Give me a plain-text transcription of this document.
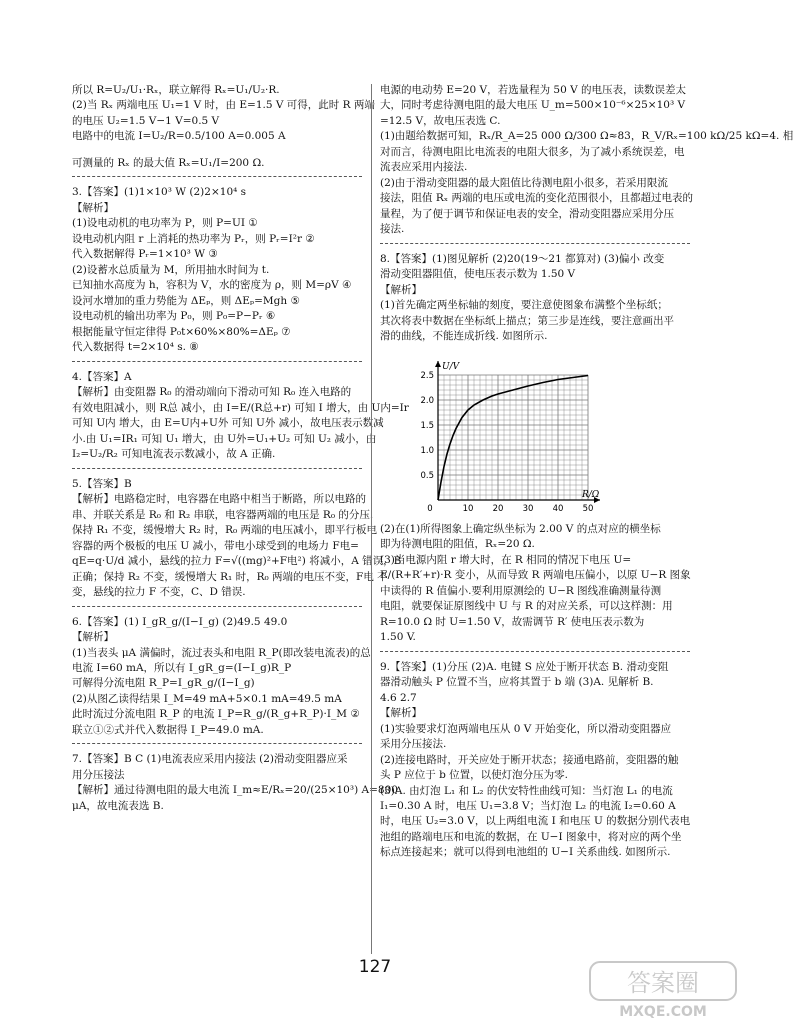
所以 R=U₂/U₁·Rₓ，联立解得 Rₓ=U₁/U₂·R.
(2)当 Rₓ 两端电压 U₁=1 V 时，由 E=1.5 V 可得，此时 R 两端
的电压 U₂=1.5 V−1 V=0.5 V
电路中的电流 I=U₂/R=0.5/100 A=0.005 A
可测量的 Rₓ 的最大值 Rₓ=U₁/I=200 Ω.
3.【答案】(1)1×10³ W (2)2×10⁴ s
【解析】
(1)设电动机的电功率为 P，则 P=UI ①
设电动机内阻 r 上消耗的热功率为 Pᵣ，则 Pᵣ=I²r ②
代入数据解得 Pᵣ=1×10³ W ③
(2)设蓄水总质量为 M，所用抽水时间为 t.
已知抽水高度为 h，容积为 V，水的密度为 ρ，则 M=ρV ④
设河水增加的重力势能为 ΔEₚ，则 ΔEₚ=Mgh ⑤
设电动机的输出功率为 P₀，则 P₀=P−Pᵣ ⑥
根据能量守恒定律得 P₀t×60%×80%=ΔEₚ ⑦
代入数据得 t=2×10⁴ s. ⑧
4.【答案】A
【解析】由变阻器 R₀ 的滑动端向下滑动可知 R₀ 连入电路的
有效电阻减小，则 R总 减小，由 I=E/(R总+r) 可知 I 增大，由 U内=Ir
可知 U内 增大，由 E=U内+U外 可知 U外 减小，故电压表示数减
小.由 U₁=IR₁ 可知 U₁ 增大，由 U外=U₁+U₂ 可知 U₂ 减小，由
I₂=U₂/R₂ 可知电流表示数减小，故 A 正确.
5.【答案】B
【解析】电路稳定时，电容器在电路中相当于断路，所以电路的
串、并联关系是 R₀ 和 R₂ 串联，电容器两端的电压是 R₀ 的分压.
保持 R₁ 不变，缓慢增大 R₂ 时，R₀ 两端的电压减小，即平行板电
容器的两个极板的电压 U 减小，带电小球受到的电场力 F电=
qE=q·U/d 减小，悬线的拉力 F=√((mg)²+F电²) 将减小，A 错误，B
正确；保持 R₂ 不变，缓慢增大 R₁ 时，R₀ 两端的电压不变，F电 不
变，悬线的拉力 F 不变，C、D 错误.
6.【答案】(1) I_gR_g/(I−I_g) (2)49.5 49.0
【解析】
(1)当表头 μA 满偏时，流过表头和电阻 R_P(即改装电流表)的总
电流 I=60 mA，所以有 I_gR_g=(I−I_g)R_P
可解得分流电阻 R_P=I_gR_g/(I−I_g)
(2)从图乙读得结果 I_M=49 mA+5×0.1 mA=49.5 mA
此时流过分流电阻 R_P 的电流 I_P=R_g/(R_g+R_P)·I_M ②
联立①②式并代入数据得 I_P=49.0 mA.
7.【答案】B C (1)电流表应采用内接法 (2)滑动变阻器应采
用分压接法
【解析】通过待测电阻的最大电流 I_m≈E/Rₓ=20/(25×10³) A=800
μA，故电流表选 B.
电源的电动势 E=20 V，若选量程为 50 V 的电压表，读数误差太
大，同时考虑待测电阻的最大电压 U_m=500×10⁻⁶×25×10³ V
=12.5 V，故电压表选 C.
(1)由题给数据可知，Rₓ/R_A=25 000 Ω/300 Ω≈83，R_V/Rₓ=100 kΩ/25 kΩ=4. 相
对而言，待测电阻比电流表的电阻大很多，为了减小系统误差，电
流表应采用内接法.
(2)由于滑动变阻器的最大阻值比待测电阻小很多，若采用限流
接法，阻值 Rₓ 两端的电压或电流的变化范围很小，且都超过电表的
量程，为了便于调节和保证电表的安全，滑动变阻器应采用分压
接法.
8.【答案】(1)图见解析 (2)20(19～21 都算对) (3)偏小 改变
滑动变阻器阻值，使电压表示数为 1.50 V
【解析】
(1)首先确定两坐标轴的刻度，要注意使图象布满整个坐标纸；
其次将表中数据在坐标纸上描点；第三步是连线，要注意画出平
滑的曲线，不能连成折线. 如图所示.
U/V
R/Ω
0	10 20 30 40 50
0.5
1.0
1.5
2.0
2.5
(2)在(1)所得图象上确定纵坐标为 2.00 V 的点对应的横坐标
即为待测电阻的阻值，Rₓ=20 Ω.
(3)当电源内阻 r 增大时，在 R 相同的情况下电压 U=
E/(R+R′+r)·R 变小，从而导致 R 两端电压偏小，以原 U−R 图象
中读得的 R 值偏小.要利用原测绘的 U−R 图线准确测量待测
电阻，就要保证原图线中 U 与 R 的对应关系，可以这样测：用
R=10.0 Ω 时 U=1.50 V，故需调节 R′ 使电压表示数为
1.50 V.
9.【答案】(1)分压 (2)A. 电键 S 应处于断开状态 B. 滑动变阻
器滑动触头 P 位置不当，应将其置于 b 端 (3)A. 见解析 B.
4.6 2.7
【解析】
(1)实验要求灯泡两端电压从 0 V 开始变化，所以滑动变阻器应
采用分压接法.
(2)连接电路时，开关应处于断开状态；接通电路前，变阻器的触
头 P 应位于 b 位置，以使灯泡分压为零.
(3)A. 由灯泡 L₁ 和 L₂ 的伏安特性曲线可知：当灯泡 L₁ 的电流
I₁=0.30 A 时，电压 U₁=3.8 V；当灯泡 L₂ 的电流 I₂=0.60 A
时，电压 U₂=3.0 V，以上两组电流 I 和电压 U 的数据分别代表电
池组的路端电压和电流的数据，在 U−I 图象中，将对应的两个坐
标点连接起来；就可以得到电池组的 U−I 关系曲线. 如图所示.
127
答案圈
MXQE.COM
